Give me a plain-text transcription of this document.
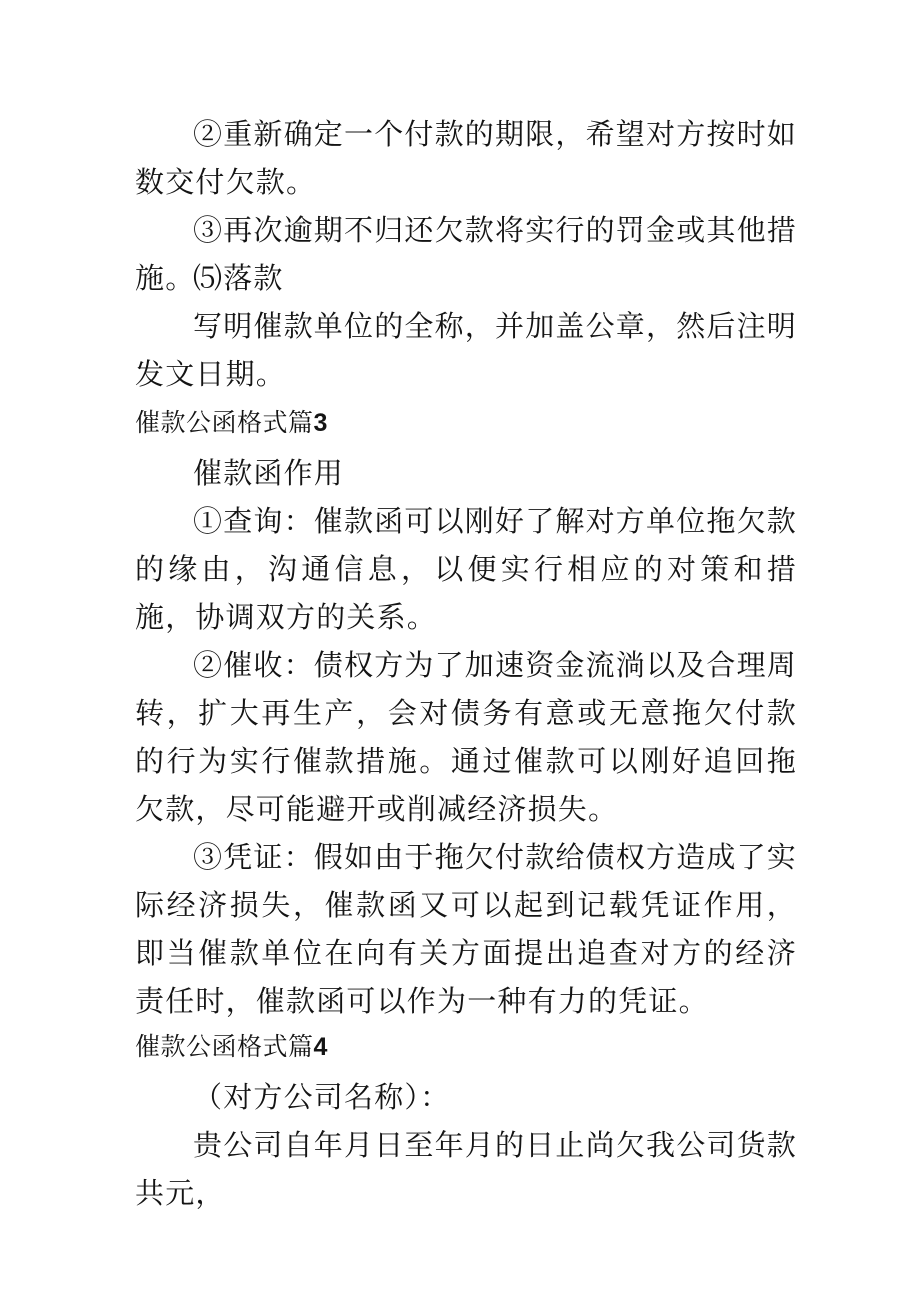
②重新确定一个付款的期限，希望对方按时如数交付欠款。

③再次逾期不归还欠款将实行的罚金或其他措施。

⑸落款

写明催款单位的全称，并加盖公章，然后注明发文日期。

催款公函格式篇3

催款函作用

①查询：催款函可以刚好了解对方单位拖欠款的缘由，沟通信息，以便实行相应的对策和措施，协调双方的关系。

②催收：债权方为了加速资金流淌以及合理周转，扩大再生产，会对债务有意或无意拖欠付款的行为实行催款措施。通过催款可以刚好追回拖欠款，尽可能避开或削减经济损失。

③凭证：假如由于拖欠付款给债权方造成了实际经济损失，催款函又可以起到记载凭证作用，即当催款单位在向有关方面提出追查对方的经济责任时，催款函可以作为一种有力的凭证。

催款公函格式篇4

（对方公司名称）：

贵公司自年月日至年月的日止尚欠我公司货款共元，
